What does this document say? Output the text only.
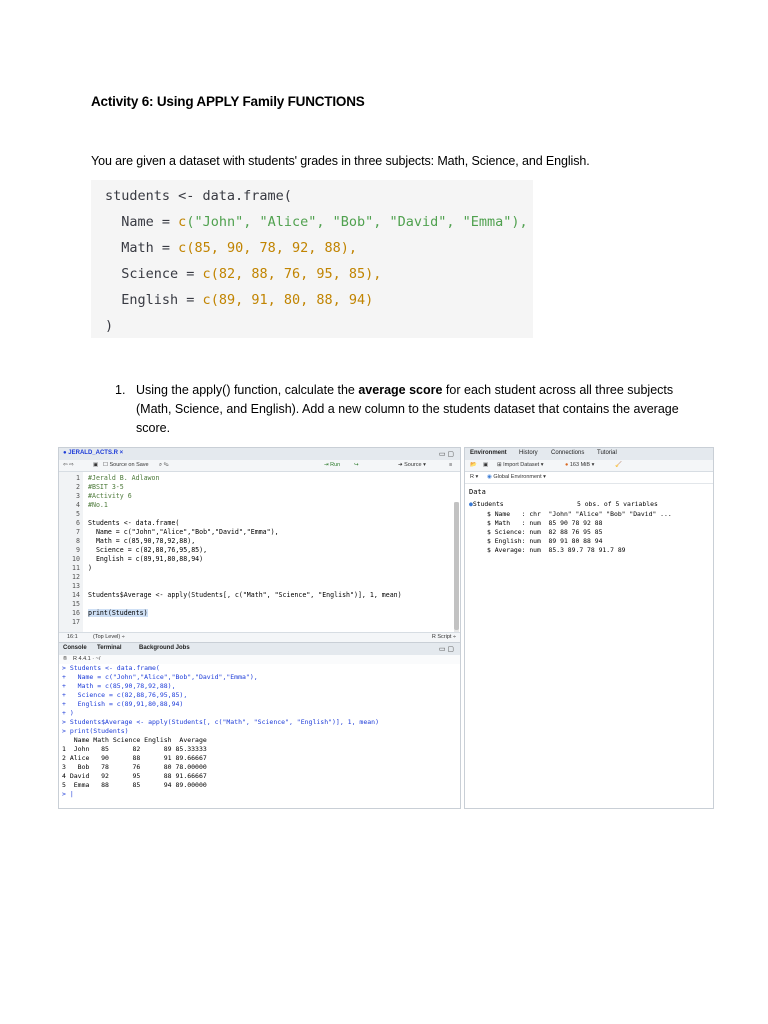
Activity 6: Using APPLY Family FUNCTIONS
You are given a dataset with students' grades in three subjects: Math, Science, and English.
students <- data.frame(
Name = c("John", "Alice", "Bob", "David", "Emma"),
Math = c(85, 90, 78, 92, 88),
Science = c(82, 88, 76, 95, 85),
English = c(89, 91, 80, 88, 94)
)
1. Using the apply() function, calculate the average score for each student across all three subjects (Math, Science, and English). Add a new column to the students dataset that contains the average score.
● JERALD_ACTS.R ×	▭ ▢
⇦ ⇨	▣ ☐ Source on Save ⌕ ✎	⇥ Run	↪	➜ Source ▾	≡
1 #Jerald B. Adlawon
2 #BSIT 3-5
3 #Activity 6
4 #No.1
5
6 Students <- data.frame(
7 Name = c("John","Alice","Bob","David","Emma"),
8 Math = c(85,90,78,92,88),
9 Science = c(82,88,76,95,85),
10 English = c(89,91,80,88,94)
11 )
12
13
14 Students$Average <- apply(Students[, c("Math", "Science", "English")], 1, mean)
15
16 print(Students)
17
16:1	(Top Level) ÷	R Script ÷
Console Terminal	Background Jobs	▭ ▢
® R 4.4.1 · ~/
> Students <- data.frame(
+   Name = c("John","Alice","Bob","David","Emma"),
+   Math = c(85,90,78,92,88),
+   Science = c(82,88,76,95,85),
+   English = c(89,91,80,88,94)
+ )
> Students$Average <- apply(Students[, c("Math", "Science", "English")], 1, mean)
> print(Students)
Name Math Science English  Average
1  John   85      82      89 85.33333
2 Alice   90      88      91 89.66667
3   Bob   78      76      80 78.00000
4 David   92      95      88 91.66667
5  Emma   88      85      94 89.00000
> |
Environment History Connections Tutorial
📂 ▣ ⊞ Import Dataset ▾	● 163 MiB ▾	🧹
R ▾ ◉ Global Environment ▾
Data
●Students	5 obs. of 5 variables
$ Name   : chr  "John" "Alice" "Bob" "David" ...
$ Math   : num  85 90 78 92 88
$ Science: num  82 88 76 95 85
$ English: num  89 91 80 88 94
$ Average: num  85.3 89.7 78 91.7 89
